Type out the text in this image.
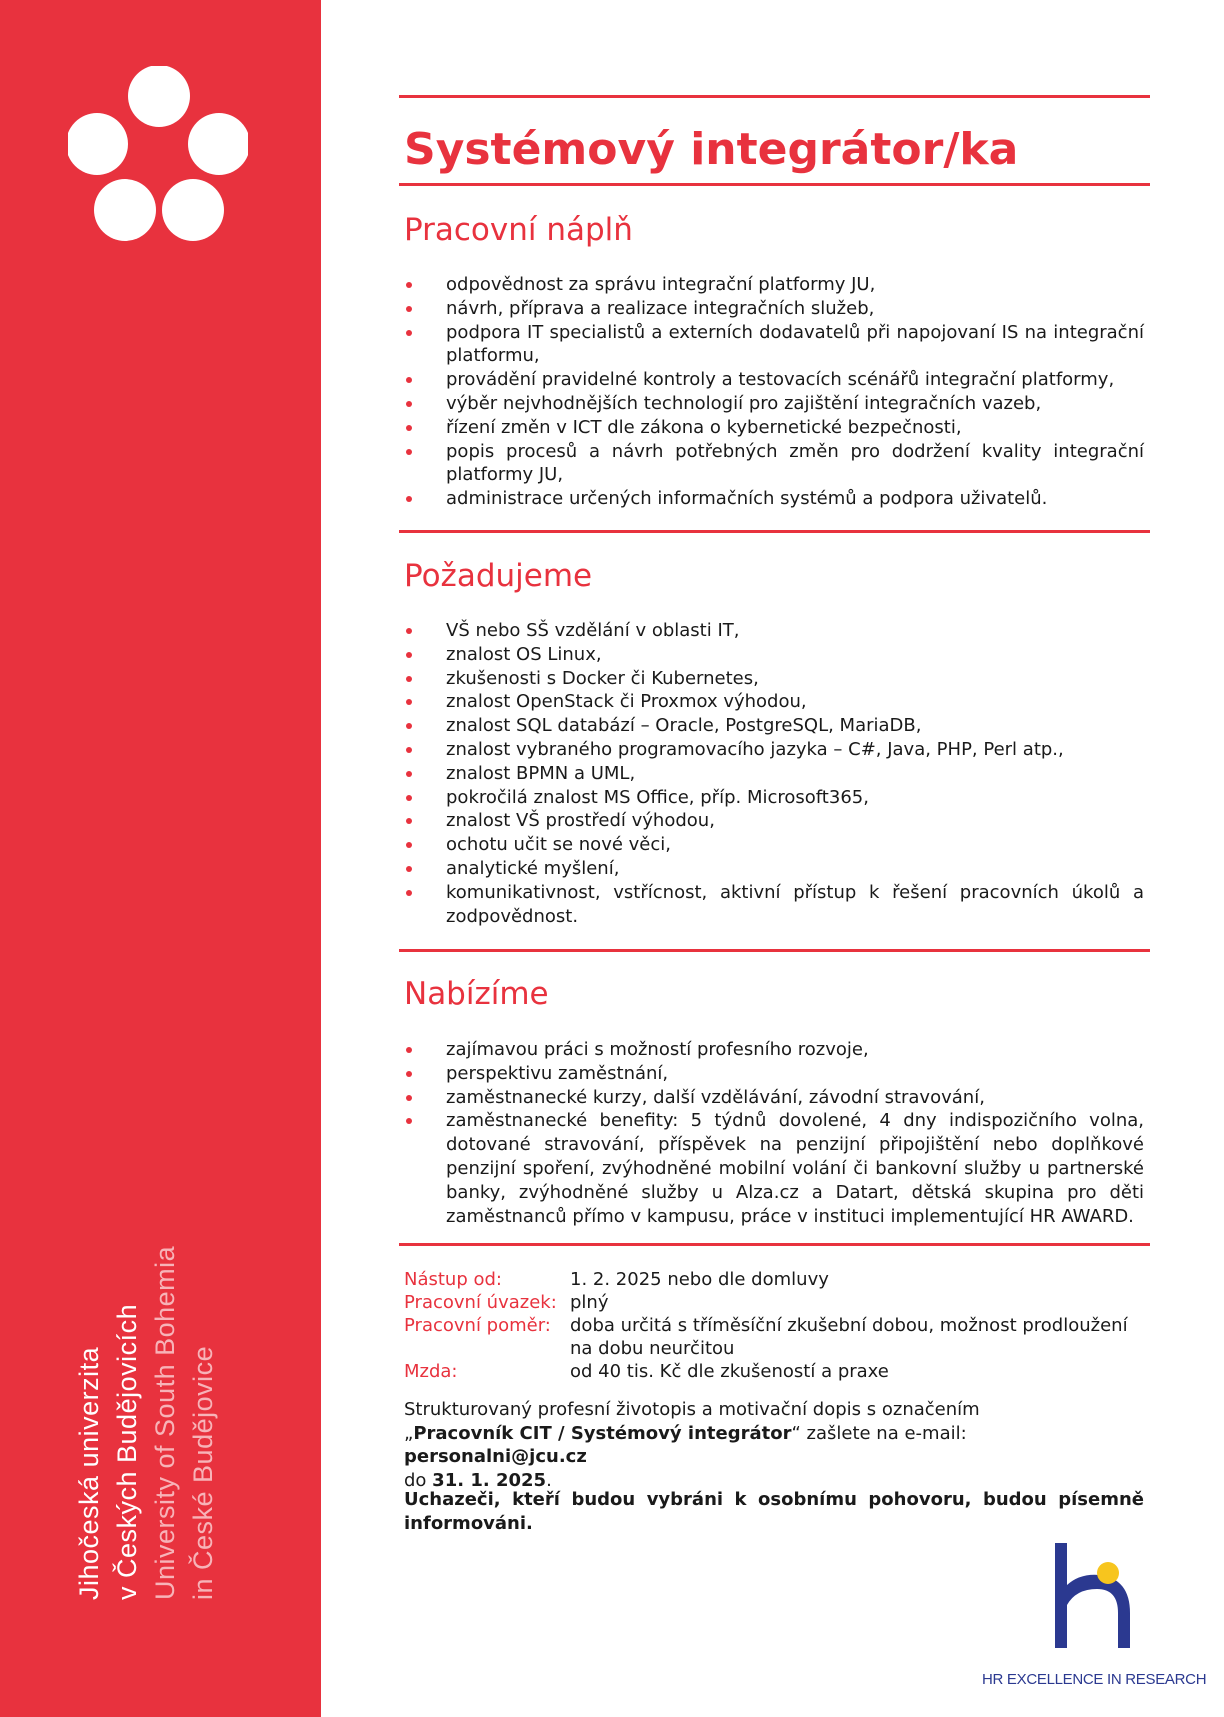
Jihočeská univerzita v Českých Budějovicích University of South Bohemia in České Budějovice
Systémový integrátor/ka
Pracovní náplň
odpovědnost za správu integrační platformy JU,
návrh, příprava a realizace integračních služeb,
podpora IT specialistů a externích dodavatelů při napojovaní IS na integrační platformu,
provádění pravidelné kontroly a testovacích scénářů integrační platformy,
výběr nejvhodnějších technologií pro zajištění integračních vazeb,
řízení změn v ICT dle zákona o kybernetické bezpečnosti,
popis procesů a návrh potřebných změn pro dodržení kvality integrační platformy JU,
administrace určených informačních systémů a podpora uživatelů.
Požadujeme
VŠ nebo SŠ vzdělání v oblasti IT,
znalost OS Linux,
zkušenosti s Docker či Kubernetes,
znalost OpenStack či Proxmox výhodou,
znalost SQL databází – Oracle, PostgreSQL, MariaDB,
znalost vybraného programovacího jazyka – C#, Java, PHP, Perl atp.,
znalost BPMN a UML,
pokročilá znalost MS Office, příp. Microsoft365,
znalost VŠ prostředí výhodou,
ochotu učit se nové věci,
analytické myšlení,
komunikativnost, vstřícnost, aktivní přístup k řešení pracovních úkolů a zodpovědnost.
Nabízíme
zajímavou práci s možností profesního rozvoje,
perspektivu zaměstnání,
zaměstnanecké kurzy, další vzdělávání, závodní stravování,
zaměstnanecké benefity: 5 týdnů dovolené, 4 dny indispozičního volna, dotované stravování, příspěvek na penzijní připojištění nebo doplňkové penzijní spoření, zvýhodněné mobilní volání či bankovní služby u partnerské banky, zvýhodněné služby u Alza.cz a Datart, dětská skupina pro děti zaměstnanců přímo v kampusu, práce v instituci implementující HR AWARD.
Nástup od:	1. 2. 2025 nebo dle domluvy
Pracovní úvazek: plný
Pracovní poměr:	doba určitá s tříměsíční zkušební dobou, možnost prodloužení na dobu neurčitou
Mzda:	od 40 tis. Kč dle zkušeností a praxe

Strukturovaný profesní životopis a motivační dopis s označením
„Pracovník CIT / Systémový integrátor“ zašlete na e-mail: personalni@jcu.cz
do 31. 1. 2025.

Uchazeči, kteří budou vybráni k osobnímu pohovoru, budou písemně informováni.

HR EXCELLENCE IN RESEARCH
